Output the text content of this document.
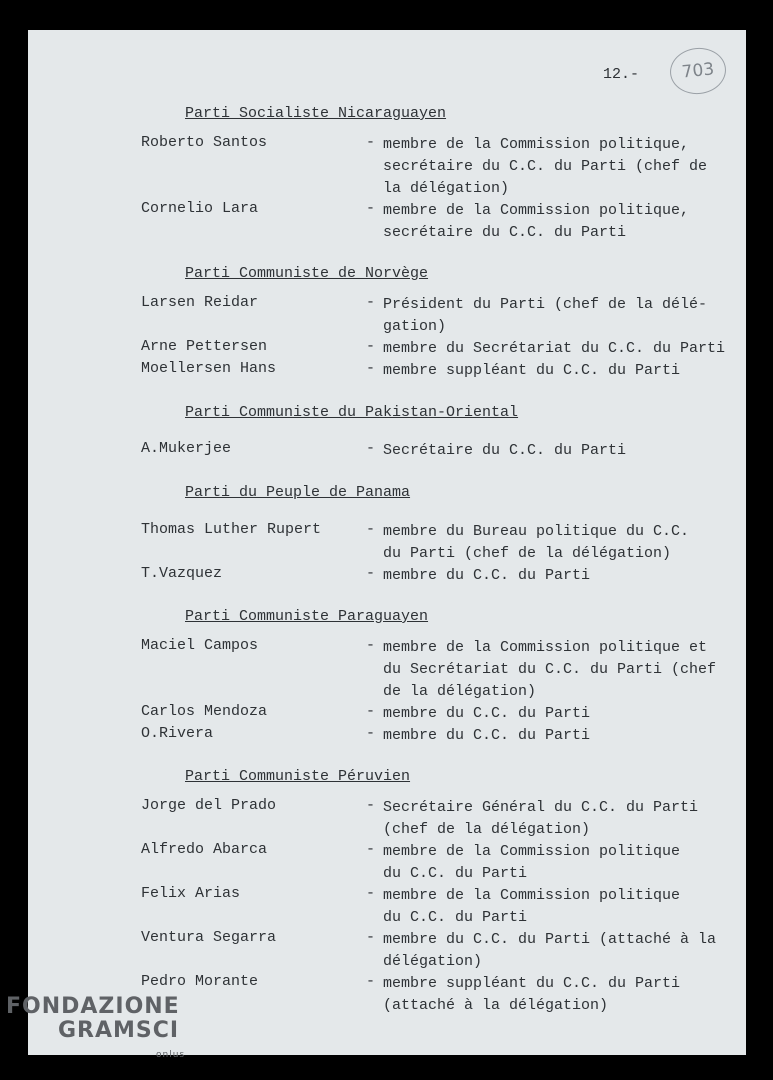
12.-	703
Parti Socialiste Nicaraguayen
Roberto Santos	- membre de la Commission politique,
secrétaire du C.C. du Parti (chef de
la délégation)
Cornelio Lara	- membre de la Commission politique,
secrétaire du C.C. du Parti
Parti Communiste de Norvège
Larsen Reidar	- Président du Parti (chef de la délé-
gation)
Arne Pettersen	- membre du Secrétariat du C.C. du Parti
Moellersen Hans	- membre suppléant du C.C. du Parti
Parti Communiste du Pakistan-Oriental
A.Mukerjee	- Secrétaire du C.C. du Parti
Parti du Peuple de Panama
Thomas Luther Rupert	- membre du Bureau politique du C.C.
du Parti (chef de la délégation)
T.Vazquez	- membre du C.C. du Parti
Parti Communiste Paraguayen
Maciel Campos	- membre de la Commission politique et
du Secrétariat du C.C. du Parti (chef
de la délégation)
Carlos Mendoza	- membre du C.C. du Parti
O.Rivera	- membre du C.C. du Parti
Parti Communiste Péruvien
Jorge del Prado	- Secrétaire Général du C.C. du Parti
(chef de la délégation)
Alfredo Abarca	- membre de la Commission politique
du C.C. du Parti
Felix Arias	- membre de la Commission politique
du C.C. du Parti
Ventura Segarra	- membre du C.C. du Parti (attaché à la
délégation)
Pedro Morante	- membre suppléant du C.C. du Parti
(attaché à la délégation)
FONDAZIONE
GRAMSCI
onlus
